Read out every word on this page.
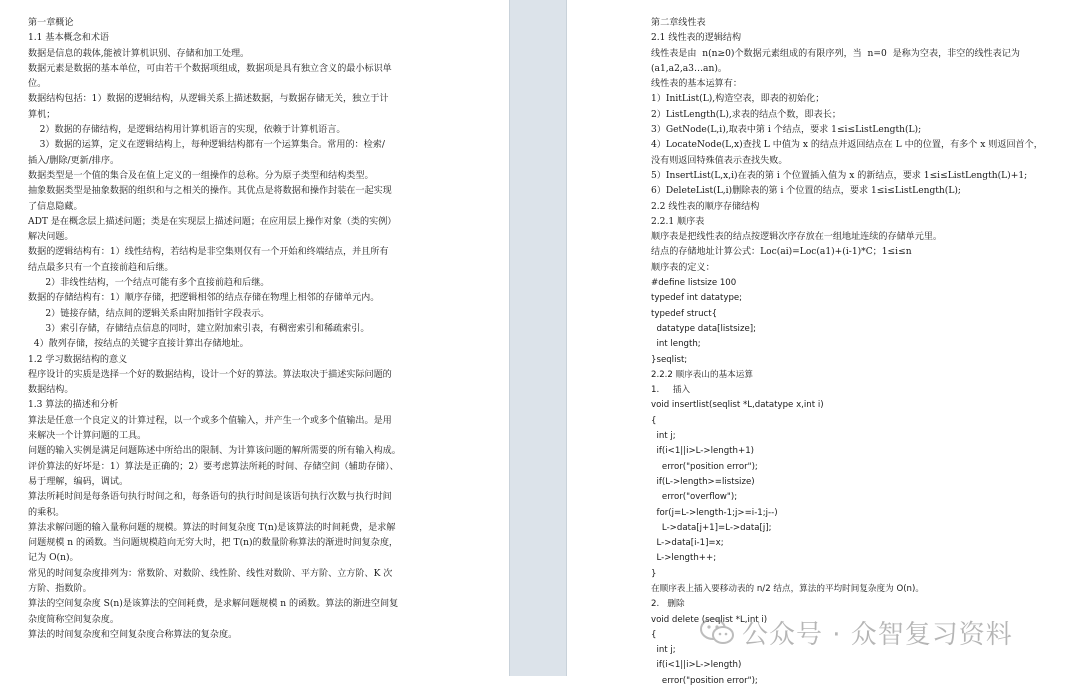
第一章概论
1.1 基本概念和术语
数据是信息的载体,能被计算机识别、存储和加工处理。
数据元素是数据的基本单位，可由若干个数据项组成，数据项是具有独立含义的最小标识单
位。
数据结构包括：1）数据的逻辑结构，从逻辑关系上描述数据，与数据存储无关，独立于计
算机；
2）数据的存储结构，是逻辑结构用计算机语言的实现，依赖于计算机语言。
3）数据的运算，定义在逻辑结构上，每种逻辑结构都有一个运算集合。常用的：检索/
插入/删除/更新/排序。
数据类型是一个值的集合及在值上定义的一组操作的总称。分为原子类型和结构类型。
抽象数据类型是抽象数据的组织和与之相关的操作。其优点是将数据和操作封装在一起实现
了信息隐藏。
ADT 是在概念层上描述问题；类是在实现层上描述问题；在应用层上操作对象（类的实例）
解决问题。
数据的逻辑结构有：1）线性结构，若结构是非空集则仅有一个开始和终端结点，并且所有
结点最多只有一个直接前趋和后继。
2）非线性结构，一个结点可能有多个直接前趋和后继。
数据的存储结构有：1）顺序存储，把逻辑相邻的结点存储在物理上相邻的存储单元内。
2）链接存储，结点间的逻辑关系由附加指针字段表示。
3）索引存储，存储结点信息的同时，建立附加索引表，有稠密索引和稀疏索引。
4）散列存储，按结点的关键字直接计算出存储地址。
1.2 学习数据结构的意义
程序设计的实质是选择一个好的数据结构，设计一个好的算法。算法取决于描述实际问题的
数据结构。
1.3 算法的描述和分析
算法是任意一个良定义的计算过程，以一个或多个值输入，并产生一个或多个值输出。是用
来解决一个计算问题的工具。
问题的输入实例是满足问题陈述中所给出的限制、为计算该问题的解所需要的所有输入构成。
评价算法的好坏是：1）算法是正确的；2）要考虑算法所耗的时间、存储空间（辅助存储）、
易于理解，编码，调试。
算法所耗时间是每条语句执行时间之和，每条语句的执行时间是该语句执行次数与执行时间
的乘积。
算法求解问题的输入量称问题的规模。算法的时间复杂度 T(n)是该算法的时间耗费，是求解
问题规模 n 的函数。当问题规模趋向无穷大时，把 T(n)的数量阶称算法的渐进时间复杂度，
记为 O(n)。
常见的时间复杂度排列为：常数阶、对数阶、线性阶、线性对数阶、平方阶、立方阶、K 次
方阶、指数阶。
算法的空间复杂度 S(n)是该算法的空间耗费，是求解问题规模 n 的函数。算法的渐进空间复
杂度简称空间复杂度。
算法的时间复杂度和空间复杂度合称算法的复杂度。
第二章线性表
2.1 线性表的逻辑结构
线性表是由  n(n≥0)个数据元素组成的有限序列，当  n=0  是称为空表，非空的线性表记为
(a1,a2,a3…an)。
线性表的基本运算有：
1）InitList(L),构造空表，即表的初始化；
2）ListLength(L),求表的结点个数，即表长；
3）GetNode(L,i),取表中第 i 个结点，要求 1≤i≤ListLength(L);
4）LocateNode(L,x)查找 L 中值为 x 的结点并返回结点在 L 中的位置，有多个 x 则返回首个，
没有则返回特殊值表示查找失败。
5）InsertList(L,x,i)在表的第 i 个位置插入值为 x 的新结点，要求 1≤i≤ListLength(L)+1;
6）DeleteList(L,i)删除表的第 i 个位置的结点，要求 1≤i≤ListLength(L);
2.2 线性表的顺序存储结构
2.2.1 顺序表
顺序表是把线性表的结点按逻辑次序存放在一组地址连续的存储单元里。
结点的存储地址计算公式：Loc(ai)=Loc(a1)+(i-1)*C；1≤i≤n
顺序表的定义：
#define listsize 100
typedef int datatype;
typedef struct{
datatype data[listsize];
int length;
}seqlist;
2.2.2 顺序表山的基本运算
1.     插入
void insertlist(seqlist *L,datatype x,int i)
{
int j;
if(i<1||i>L->length+1)
error("position error");
if(L->length>=listsize)
error("overflow");
for(j=L->length-1;j>=i-1;j--)
L->data[j+1]=L->data[j];
L->data[i-1]=x;
L->length++;
}
在顺序表上插入要移动表的 n/2 结点，算法的平均时间复杂度为 O(n)。
2.   删除
void delete (seqlist *L,int i)
{
int j;
if(i<1||i>L->length)
error("position error");
公众号 · 众智复习资料
